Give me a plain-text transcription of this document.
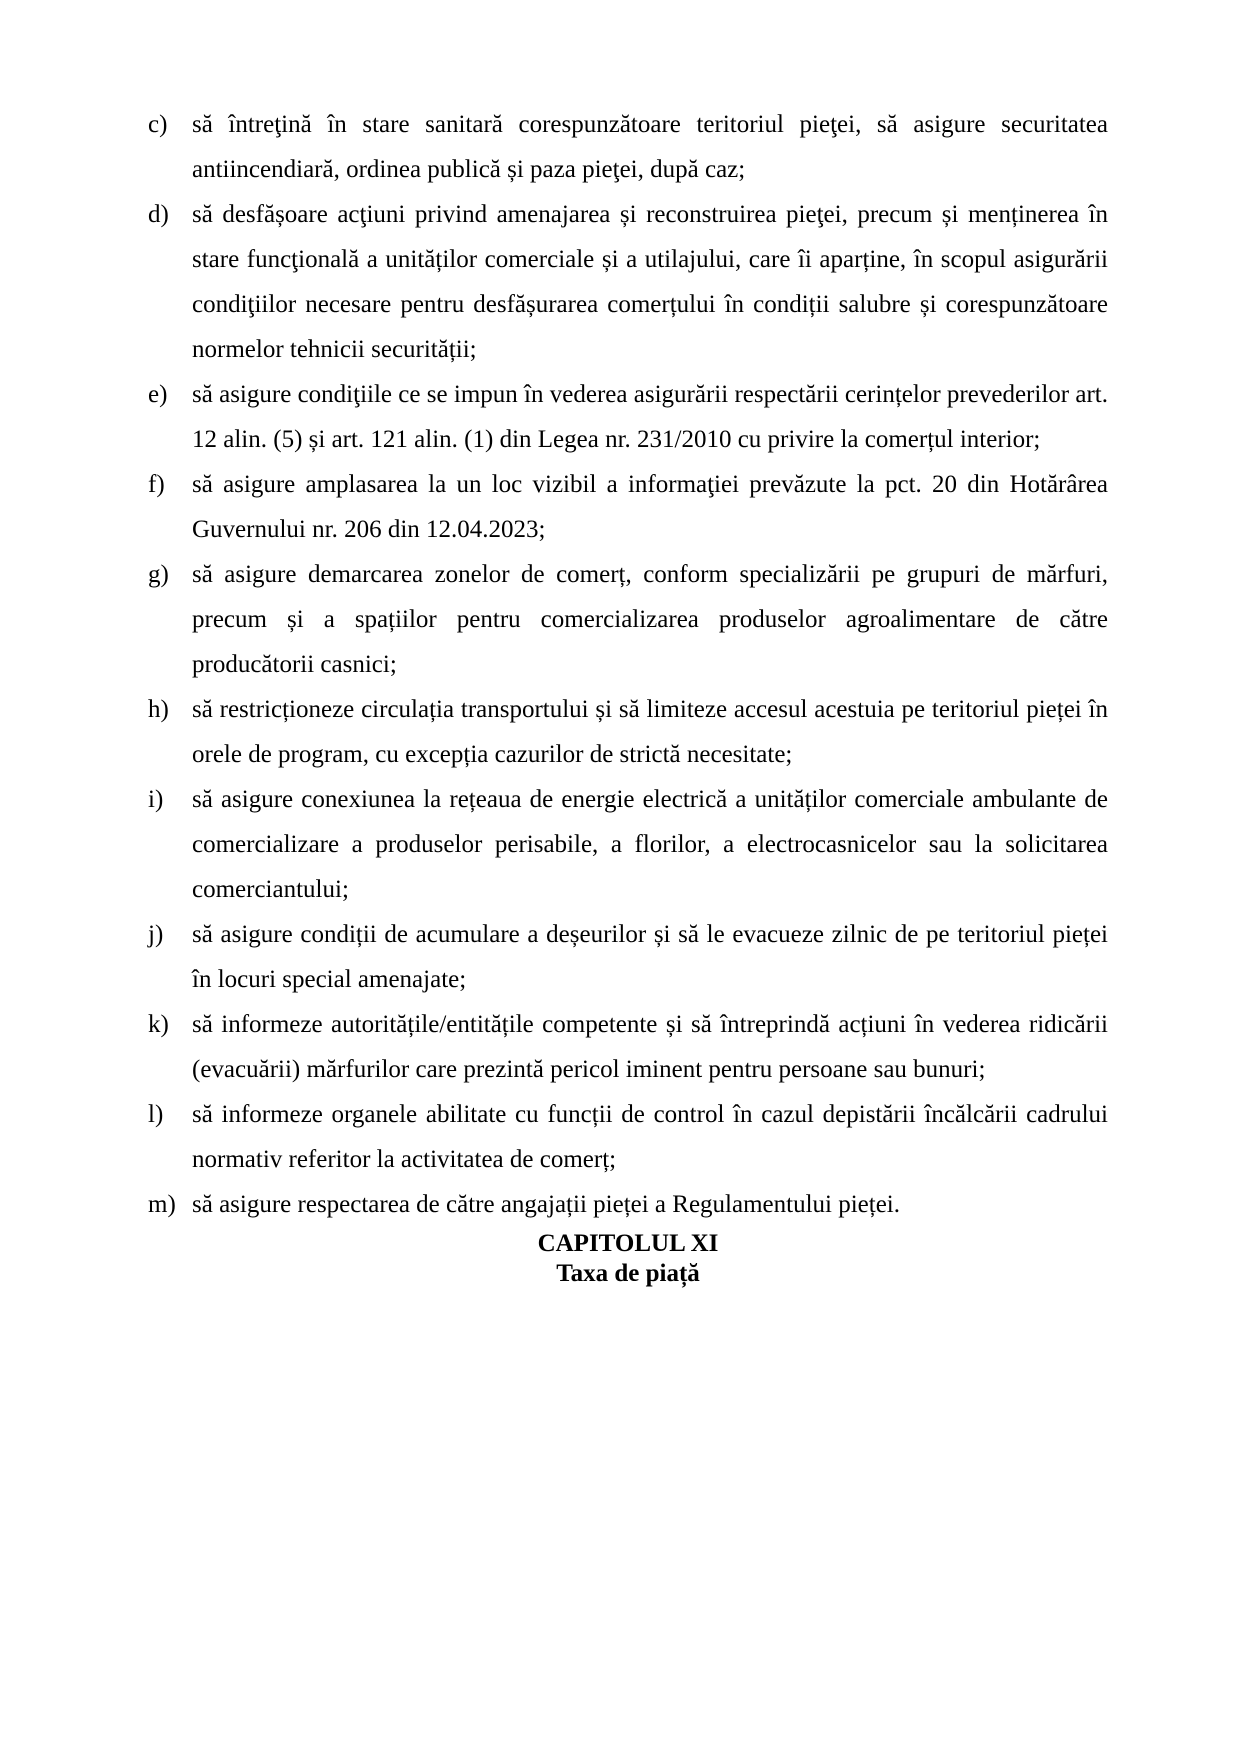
c) să întreţină în stare sanitară corespunzătoare teritoriul pieţei, să asigure securitatea antiincendiară, ordinea publică și paza pieţei, după caz;
d) să desfășoare acţiuni privind amenajarea și reconstruirea pieţei, precum și menținerea în stare funcţională a unităților comerciale și a utilajului, care îi aparține, în scopul asigurării condiţiilor necesare pentru desfășurarea comerțului în condiții salubre și corespunzătoare normelor tehnicii securității;
e) să asigure condiţiile ce se impun în vederea asigurării respectării cerințelor prevederilor art. 12 alin. (5) și art. 121 alin. (1) din Legea nr. 231/2010 cu privire la comerțul interior;
f)	să asigure amplasarea la un loc vizibil a informaţiei prevăzute la pct. 20 din Hotărârea Guvernului nr. 206 din 12.04.2023;
g) să asigure demarcarea zonelor de comerț, conform specializării pe grupuri de mărfuri, precum și a spațiilor pentru comercializarea produselor agroalimentare de către producătorii casnici;
h) să restricționeze circulația transportului și să limiteze accesul acestuia pe teritoriul pieței în orele de program, cu excepția cazurilor de strictă necesitate;
i)	să asigure conexiunea la rețeaua de energie electrică a unităților comerciale ambulante de comercializare a produselor perisabile, a florilor, a electrocasnicelor sau la solicitarea comerciantului;
j)	să asigure condiții de acumulare a deșeurilor și să le evacueze zilnic de pe teritoriul pieței în locuri special amenajate;
k) să informeze autoritățile/entitățile competente și să întreprindă acțiuni în vederea ridicării (evacuării) mărfurilor care prezintă pericol iminent pentru persoane sau bunuri;
l)	să informeze organele abilitate cu funcții de control în cazul depistării încălcării cadrului normativ referitor la activitatea de comerț;
m) să asigure respectarea de către angajații pieței a Regulamentului pieței.
CAPITOLUL XI
Taxa de piață
